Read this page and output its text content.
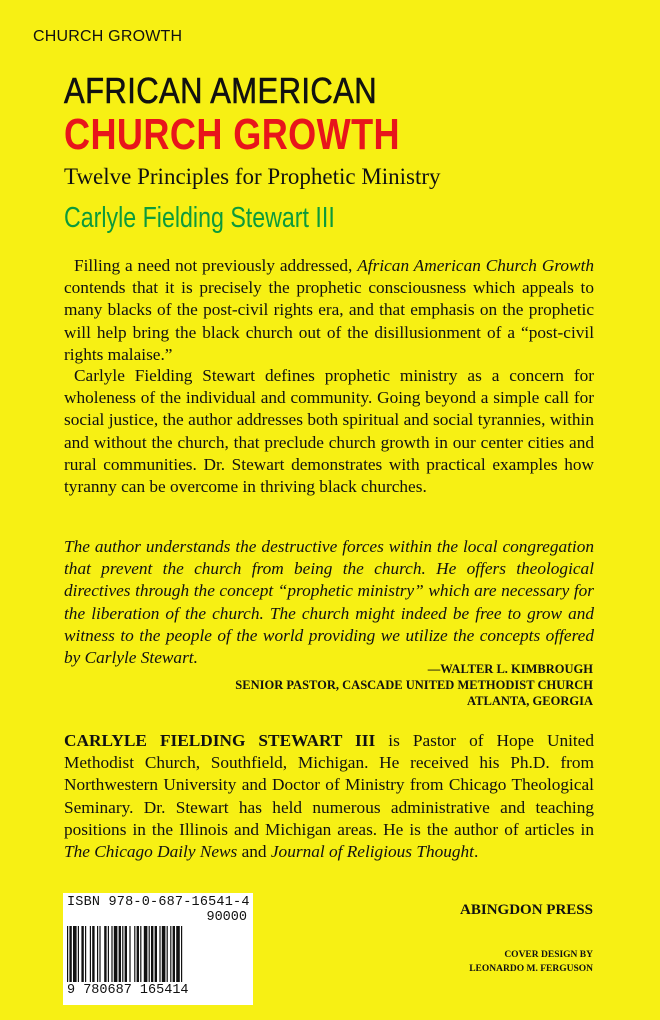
CHURCH GROWTH
AFRICAN AMERICAN
CHURCH GROWTH
Twelve Principles for Prophetic Ministry
Carlyle Fielding Stewart III

Filling a need not previously addressed, African American Church Growth contends that it is precisely the prophetic consciousness which appeals to many blacks of the post-civil rights era, and that emphasis on the prophetic will help bring the black church out of the disillusionment of a “post-civil rights malaise.”

Carlyle Fielding Stewart defines prophetic ministry as a concern for wholeness of the individual and community. Going beyond a simple call for social justice, the author addresses both spiritual and social tyrannies, within and without the church, that preclude church growth in our center cities and rural communities. Dr. Stewart demonstrates with practical examples how tyranny can be overcome in thriving black churches.

The author understands the destructive forces within the local congregation that prevent the church from being the church. He offers theological directives through the concept “prophetic ministry” which are necessary for the liberation of the church. The church might indeed be free to grow and witness to the people of the world providing we utilize the concepts offered by Carlyle Stewart.

—WALTER L. KIMBROUGH
SENIOR PASTOR, CASCADE UNITED METHODIST CHURCH
ATLANTA, GEORGIA

CARLYLE FIELDING STEWART III is Pastor of Hope United Methodist Church, Southfield, Michigan. He received his Ph.D. from Northwestern University and Doctor of Ministry from Chicago Theological Seminary. Dr. Stewart has held numerous administrative and teaching positions in the Illinois and Michigan areas. He is the author of articles in The Chicago Daily News and Journal of Religious Thought.

ISBN 978-0-687-16541-4
90000
9 780687 165414
ABINGDON PRESS
COVER DESIGN BY
LEONARDO M. FERGUSON
